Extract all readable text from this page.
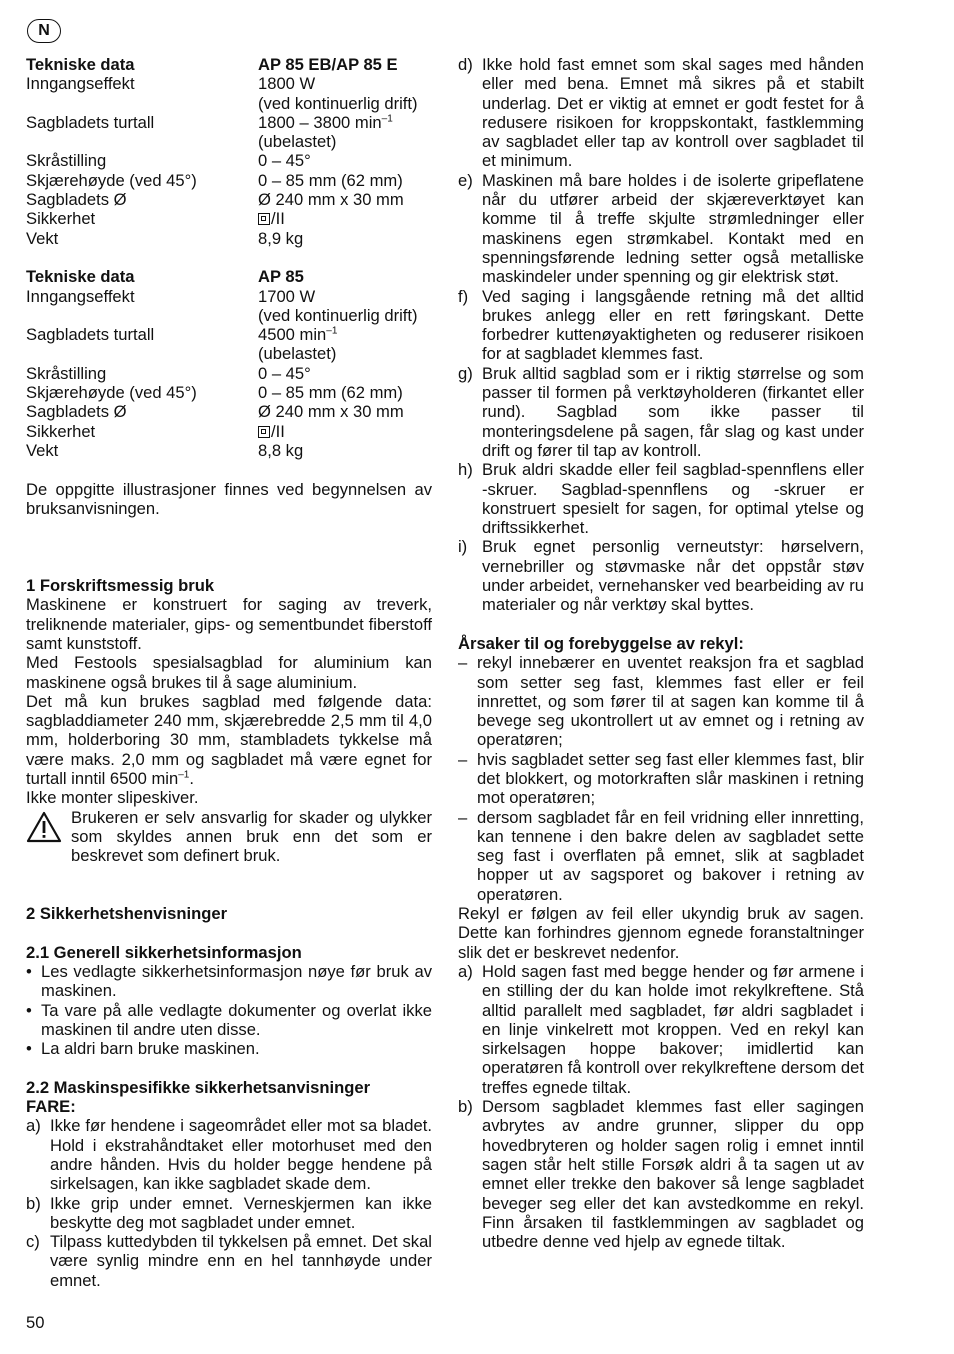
N
Tekniske data	AP 85 EB/AP 85 E
Inngangseffekt	1800 W
(ved kontinuerlig drift)
Sagbladets turtall	1800 – 3800 $\min^{-1}$
(ubelastet)
Skråstilling	0 – 45°
Skjærehøyde (ved 45°)	0 – 85 mm (62 mm)
Sagbladets Ø	Ø 240 mm x 30 mm
Sikkerhet	/II
Vekt	8,9 kg
Tekniske data	AP 85
Inngangseffekt	1700 W
(ved kontinuerlig drift)
Sagbladets turtall	4500 $\min^{-1}$
(ubelastet)
Skråstilling	0 – 45°
Skjærehøyde (ved 45°)	0 – 85 mm (62 mm)
Sagbladets Ø	Ø 240 mm x 30 mm
Sikkerhet	/II
Vekt	8,8 kg

De oppgitte illustrasjoner finnes ved begynnelsen av bruksanvisningen.

1 Forskriftsmessig bruk

Maskinene er konstruert for saging av treverk, treliknende materialer, gips- og sementbundet fiberstoff samt kunststoff.

Med Festools spesialsagblad for aluminium kan maskinene også brukes til å sage aluminium.

Det må kun brukes sagblad med følgende data: sagbladdiameter 240 mm, skjærebredde 2,5 mm til 4,0 mm, holderboring 30 mm, stambladets tykkelse må være maks. 2,0 mm og sagbladet må være egnet for turtall inntil 6500 $\min^{-1}$.

Ikke monter slipeskiver.

Brukeren er selv ansvarlig for skader og ulykker som skyldes annen bruk enn det som er beskrevet som definert bruk.

2 Sikkerhetshenvisninger

2.1 Generell sikkerhetsinformasjon

• Les vedlagte sikkerhetsinformasjon nøye før bruk av maskinen.
• Ta vare på alle vedlagte dokumenter og overlat ikke maskinen til andre uten disse.
• La aldri barn bruke maskinen.

2.2 Maskinspesifikke sikkerhetsanvisninger

FARE:

a) Ikke før hendene i sageområdet eller mot sa bladet. Hold i ekstrahåndtaket eller motorhuset med den andre hånden. Hvis du holder begge hendene på sirkelsagen, kan ikke sagbladet skade dem.
b) Ikke grip under emnet. Verneskjermen kan ikke beskytte deg mot sagbladet under emnet.
c) Tilpass kuttedybden til tykkelsen på emnet. Det skal være synlig mindre enn en hel tannhøyde under emnet.
d) Ikke hold fast emnet som skal sages med hånden eller med bena. Emnet må sikres på et stabilt underlag. Det er viktig at emnet er godt festet for å redusere risikoen for kroppskontakt, fastklemming av sagbladet eller tap av kontroll over sagbladet til et minimum.
e) Maskinen må bare holdes i de isolerte gripeflatene når du utfører arbeid der skjæreverktøyet kan komme til å treffe skjulte strømledninger eller maskinens egen strømkabel. Kontakt med en spenningsførende ledning setter også metalliske maskindeler under spenning og gir elektrisk støt.
f) Ved saging i langsgående retning må det alltid brukes anlegg eller en rett føringskant. Dette forbedrer kuttenøyaktigheten og reduserer risikoen for at sagbladet klemmes fast.
g) Bruk alltid sagblad som er i riktig størrelse og som passer til formen på verktøyholderen (firkantet eller rund). Sagblad som ikke passer til monteringsdelene på sagen, får slag og kast under drift og fører til tap av kontroll.
h) Bruk aldri skadde eller feil sagblad-spennflens eller -skruer. Sagblad-spennflens og -skruer er konstruert spesielt for sagen, for optimal ytelse og driftssikkerhet.
i) Bruk egnet personlig verneutstyr: hørselvern, vernebriller og støvmaske når det oppstår støv under arbeidet, vernehansker ved bearbeiding av ru materialer og når verktøy skal byttes.

Årsaker til og forebyggelse av rekyl:

– rekyl innebærer en uventet reaksjon fra et sagblad som setter seg fast, klemmes fast eller er feil innrettet, og som fører til at sagen kan komme til å bevege seg ukontrollert ut av emnet og i retning av operatøren;
– hvis sagbladet setter seg fast eller klemmes fast, blir det blokkert, og motorkraften slår maskinen i retning mot operatøren;
– dersom sagbladet får en feil vridning eller innretting, kan tennene i den bakre delen av sagbladet sette seg fast i overflaten på emnet, slik at sagbladet hopper ut av sagsporet og bakover i retning av operatøren.

Rekyl er følgen av feil eller ukyndig bruk av sagen. Dette kan forhindres gjennom egnede foranstaltninger slik det er beskrevet nedenfor.

a) Hold sagen fast med begge hender og før armene i en stilling der du kan holde imot rekylkreftene. Stå alltid parallelt med sagbladet, før aldri sagbladet i en linje vinkelrett mot kroppen. Ved en rekyl kan sirkelsagen hoppe bakover; imidlertid kan operatøren få kontroll over rekylkreftene dersom det treffes egnede tiltak.
b) Dersom sagbladet klemmes fast eller sagingen avbrytes av andre grunner, slipper du opp hovedbryteren og holder sagen rolig i emnet inntil sagen står helt stille Forsøk aldri å ta sagen ut av emnet eller trekke den bakover så lenge sagbladet beveger seg eller det kan avstedkomme en rekyl. Finn årsaken til fastklemmingen av sagbladet og utbedre denne ved hjelp av egnede tiltak.
50
